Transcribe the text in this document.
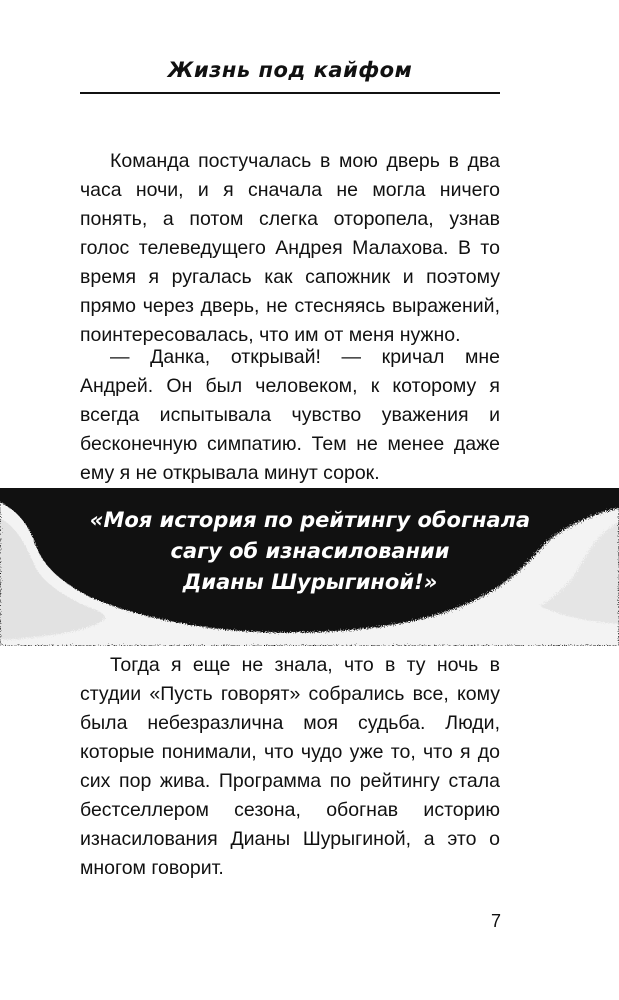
Жизнь под кайфом

Команда постучалась в мою дверь в два часа ночи, и я сначала не могла ничего понять, а потом слегка оторопела, узнав голос телеведущего Андрея Малахова. В то время я ругалась как сапожник и поэтому прямо через дверь, не стесняясь выражений, поинтересовалась, что им от меня нужно.

— Данка, открывай! — кричал мне Андрей. Он был человеком, к которому я всегда испытывала чувство уважения и бесконечную симпатию. Тем не менее даже ему я не открывала минут сорок.

«Моя история по рейтингу обогнала
сагу об изнасиловании
Дианы Шурыгиной!»

Тогда я еще не знала, что в ту ночь в студии «Пусть говорят» собрались все, кому была небезразлична моя судьба. Люди, которые понимали, что чудо уже то, что я до сих пор жива. Программа по рейтингу стала бестселлером сезона, обогнав историю изнасилования Дианы Шурыгиной, а это о многом говорит.

7
